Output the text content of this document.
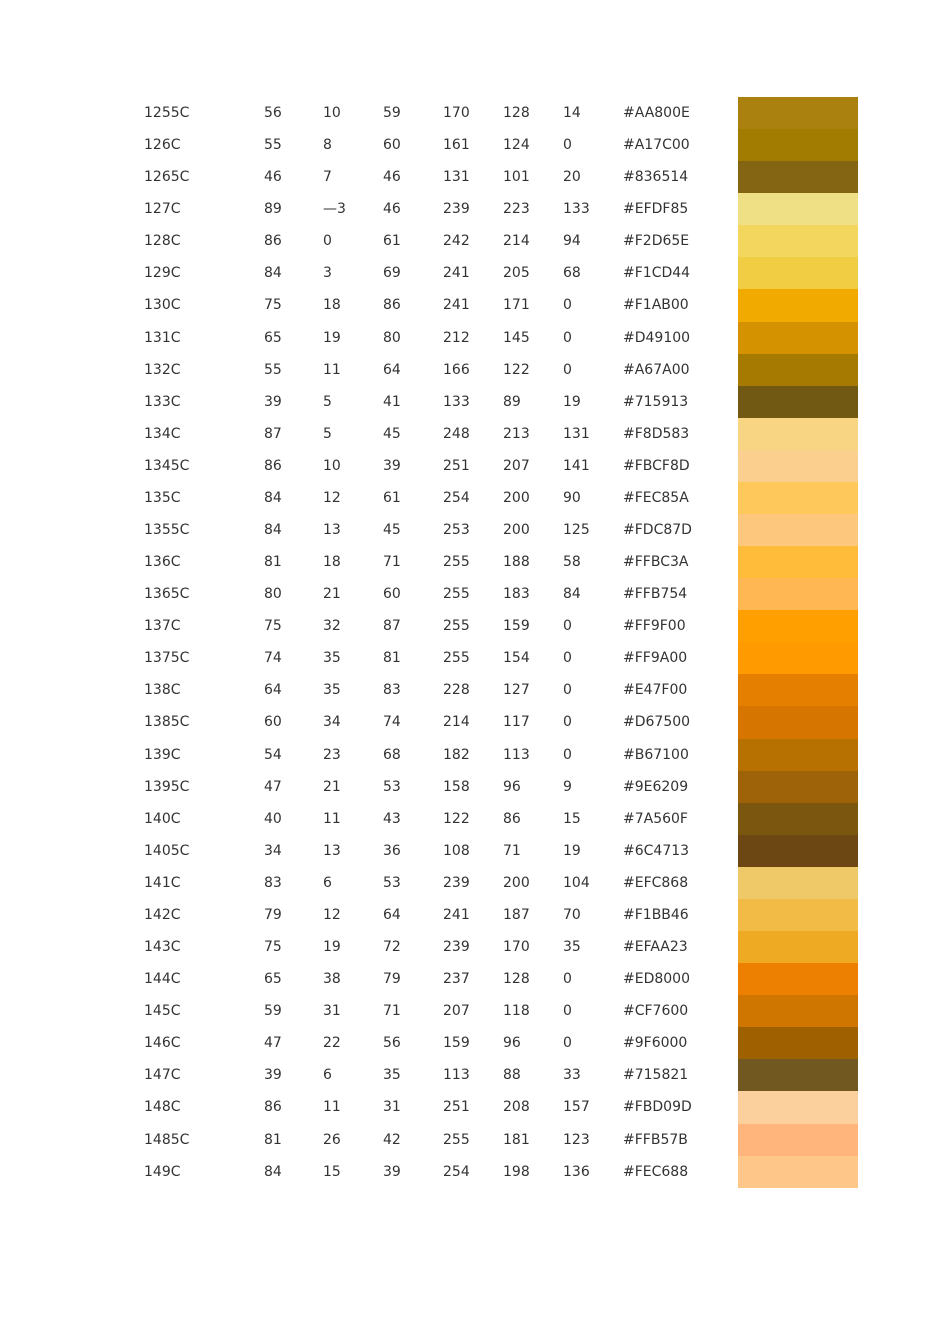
1255C	56	10	59	170 128 14	#AA800E
126C	55	8	60	161 124 0	#A17C00
1265C	46	7	46	131 101 20	#836514
127C	89	—3	46	239 223 133 #EFDF85
128C	86	0	61	242 214 94	#F2D65E
129C	84	3	69	241 205 68	#F1CD44
130C	75	18	86	241 171 0	#F1AB00
131C	65	19	80	212 145 0	#D49100
132C	55	11	64	166 122 0	#A67A00
133C	39	5	41	133 89	19	#715913
134C	87	5	45	248 213 131 #F8D583
1345C	86	10	39	251 207 141 #FBCF8D
135C	84	12	61	254 200 90	#FEC85A
1355C	84	13	45	253 200 125 #FDC87D
136C	81	18	71	255 188 58	#FFBC3A
1365C	80	21	60	255 183 84	#FFB754
137C	75	32	87	255 159 0	#FF9F00
1375C	74	35	81	255 154 0	#FF9A00
138C	64	35	83	228 127 0	#E47F00
1385C	60	34	74	214 117 0	#D67500
139C	54	23	68	182 113 0	#B67100
1395C	47	21	53	158 96	9	#9E6209
140C	40	11	43	122 86	15	#7A560F
1405C	34	13	36	108 71	19	#6C4713
141C	83	6	53	239 200 104 #EFC868
142C	79	12	64	241 187 70	#F1BB46
143C	75	19	72	239 170 35	#EFAA23
144C	65	38	79	237 128 0	#ED8000
145C	59	31	71	207 118 0	#CF7600
146C	47	22	56	159 96	0	#9F6000
147C	39	6	35	113 88	33	#715821
148C	86	11	31	251 208 157 #FBD09D
1485C	81	26	42	255 181 123 #FFB57B
149C	84	15	39	254 198 136 #FEC688
